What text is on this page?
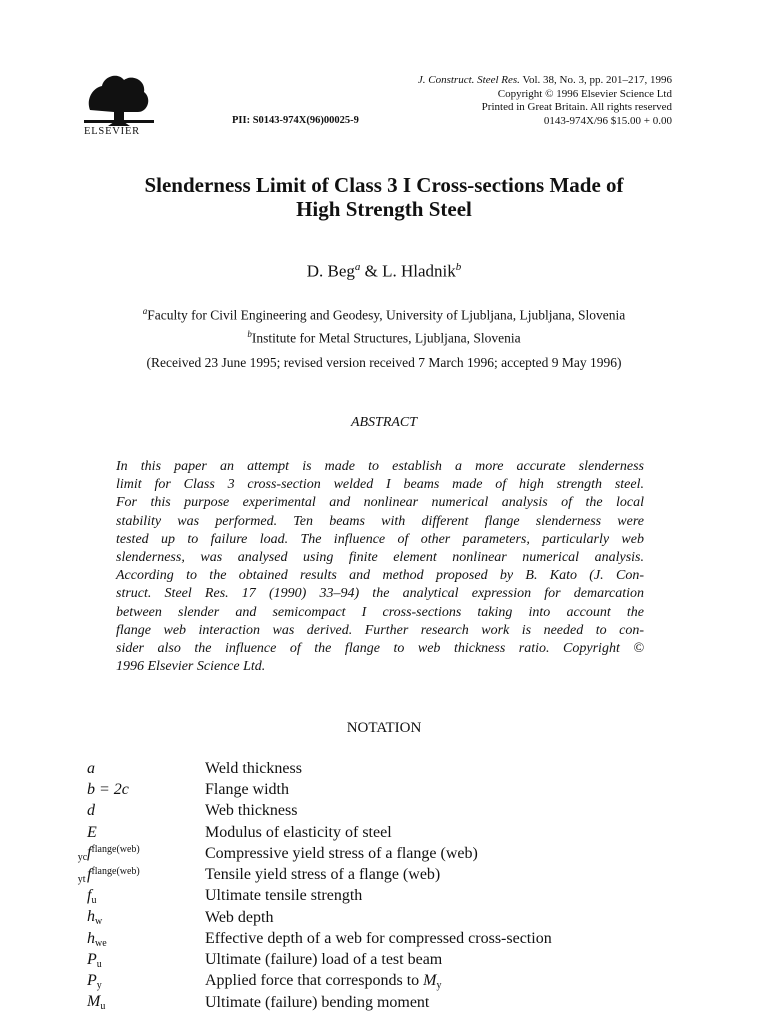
ELSEVIER
PII: S0143-974X(96)00025-9
J. Construct. Steel Res. Vol. 38, No. 3, pp. 201–217, 1996
Copyright © 1996 Elsevier Science Ltd
Printed in Great Britain. All rights reserved
0143-974X/96 $15.00 + 0.00
Slenderness Limit of Class 3 I Cross-sections Made of
High Strength Steel
D. Beg$^a$ & L. Hladnik$^b$
$^a$Faculty for Civil Engineering and Geodesy, University of Ljubljana, Ljubljana, Slovenia
$^b$Institute for Metal Structures, Ljubljana, Slovenia
(Received 23 June 1995; revised version received 7 March 1996; accepted 9 May 1996)
ABSTRACT
In this paper an attempt is made to establish a more accurate slenderness
limit for Class 3 cross-section welded I beams made of high strength steel.
For this purpose experimental and nonlinear numerical analysis of the local
stability was performed. Ten beams with different flange slenderness were
tested up to failure load. The influence of other parameters, particularly web
slenderness, was analysed using finite element nonlinear numerical analysis.
According to the obtained results and method proposed by B. Kato (J. Con-
struct. Steel Res. 17 (1990) 33–94) the analytical expression for demarcation
between slender and semicompact I cross-sections taking into account the
flange web interaction was derived. Further research work is needed to con-
sider also the influence of the flange to web thickness ratio. Copyright ©
1996 Elsevier Science Ltd.
NOTATION
a	Weld thickness
b = 2c	Flange width
d	Web thickness
E	Modulus of elasticity of steel
$f^{flange(web)}_{yc}$	Compressive yield stress of a flange (web)
$f^{flange(web)}_{yt}$	Tensile yield stress of a flange (web)
$f_u$	Ultimate tensile strength
$h_w$	Web depth
$h_{we}$	Effective depth of a web for compressed cross-section
$P_u$	Ultimate (failure) load of a test beam
$P_y$	Applied force that corresponds to $M_y$
$M_u$	Ultimate (failure) bending moment
